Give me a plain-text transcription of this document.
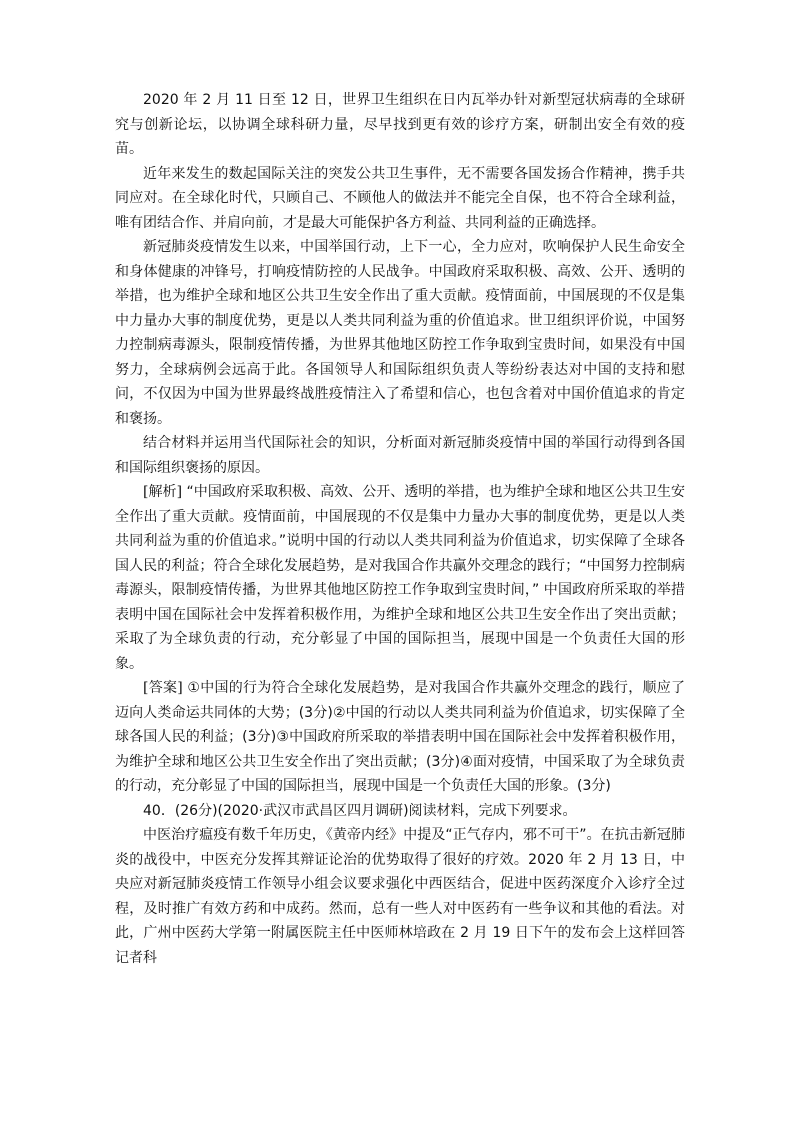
2020 年 2 月 11 日至 12 日，世界卫生组织在日内瓦举办针对新型冠状病毒的全球研究与创新论坛，以协调全球科研力量，尽早找到更有效的诊疗方案，研制出安全有效的疫苗。

近年来发生的数起国际关注的突发公共卫生事件，无不需要各国发扬合作精神，携手共同应对。在全球化时代，只顾自己、不顾他人的做法并不能完全自保，也不符合全球利益，唯有团结合作、并肩向前，才是最大可能保护各方利益、共同利益的正确选择。

新冠肺炎疫情发生以来，中国举国行动，上下一心，全力应对，吹响保护人民生命安全和身体健康的冲锋号，打响疫情防控的人民战争。中国政府采取积极、高效、公开、透明的举措，也为维护全球和地区公共卫生安全作出了重大贡献。疫情面前，中国展现的不仅是集中力量办大事的制度优势，更是以人类共同利益为重的价值追求。世卫组织评价说，中国努力控制病毒源头，限制疫情传播，为世界其他地区防控工作争取到宝贵时间，如果没有中国努力，全球病例会远高于此。各国领导人和国际组织负责人等纷纷表达对中国的支持和慰问，不仅因为中国为世界最终战胜疫情注入了希望和信心，也包含着对中国价值追求的肯定和褒扬。

结合材料并运用当代国际社会的知识，分析面对新冠肺炎疫情中国的举国行动得到各国和国际组织褒扬的原因。

[解析] “中国政府采取积极、高效、公开、透明的举措，也为维护全球和地区公共卫生安全作出了重大贡献。疫情面前，中国展现的不仅是集中力量办大事的制度优势，更是以人类共同利益为重的价值追求。”说明中国的行动以人类共同利益为价值追求，切实保障了全球各国人民的利益；符合全球化发展趋势，是对我国合作共赢外交理念的践行；“中国努力控制病毒源头，限制疫情传播，为世界其他地区防控工作争取到宝贵时间，” 中国政府所采取的举措表明中国在国际社会中发挥着积极作用，为维护全球和地区公共卫生安全作出了突出贡献；采取了为全球负责的行动，充分彰显了中国的国际担当，展现中国是一个负责任大国的形象。

[答案] ①中国的行为符合全球化发展趋势，是对我国合作共赢外交理念的践行，顺应了迈向人类命运共同体的大势；(3分)②中国的行动以人类共同利益为价值追求，切实保障了全球各国人民的利益；(3分)③中国政府所采取的举措表明中国在国际社会中发挥着积极作用，为维护全球和地区公共卫生安全作出了突出贡献；(3分)④面对疫情，中国采取了为全球负责的行动，充分彰显了中国的国际担当，展现中国是一个负责任大国的形象。(3分)

40．(26分)(2020·武汉市武昌区四月调研)阅读材料，完成下列要求。

中医治疗瘟疫有数千年历史，《黄帝内经》中提及“正气存内，邪不可干”。在抗击新冠肺炎的战役中，中医充分发挥其辩证论治的优势取得了很好的疗效。2020 年 2 月 13 日，中央应对新冠肺炎疫情工作领导小组会议要求强化中西医结合，促进中医药深度介入诊疗全过程，及时推广有效方药和中成药。然而，总有一些人对中医药有一些争议和其他的看法。对此，广州中医药大学第一附属医院主任中医师林培政在 2 月 19 日下午的发布会上这样回答记者科
